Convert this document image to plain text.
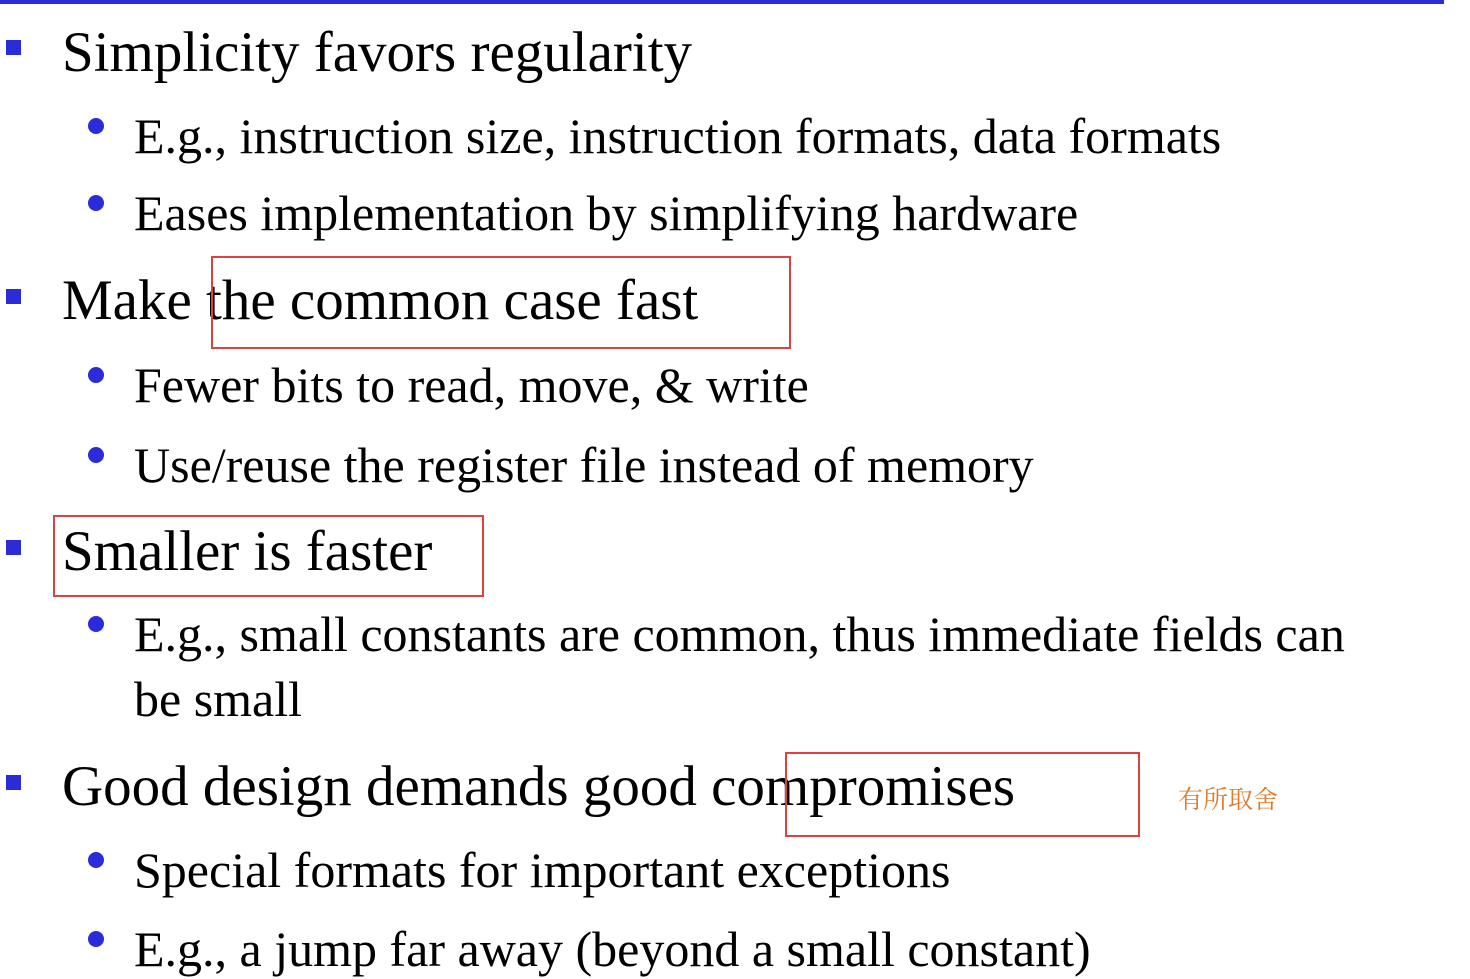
Simplicity favors regularity
E.g., instruction size, instruction formats, data formats
Eases implementation by simplifying hardware
Make the common case fast
Fewer bits to read, move, & write
Use/reuse the register file instead of memory
Smaller is faster
E.g., small constants are common, thus immediate fields can
be small
Good design demands good compromises	有所取舍
Special formats for important exceptions
E.g., a jump far away (beyond a small constant)
